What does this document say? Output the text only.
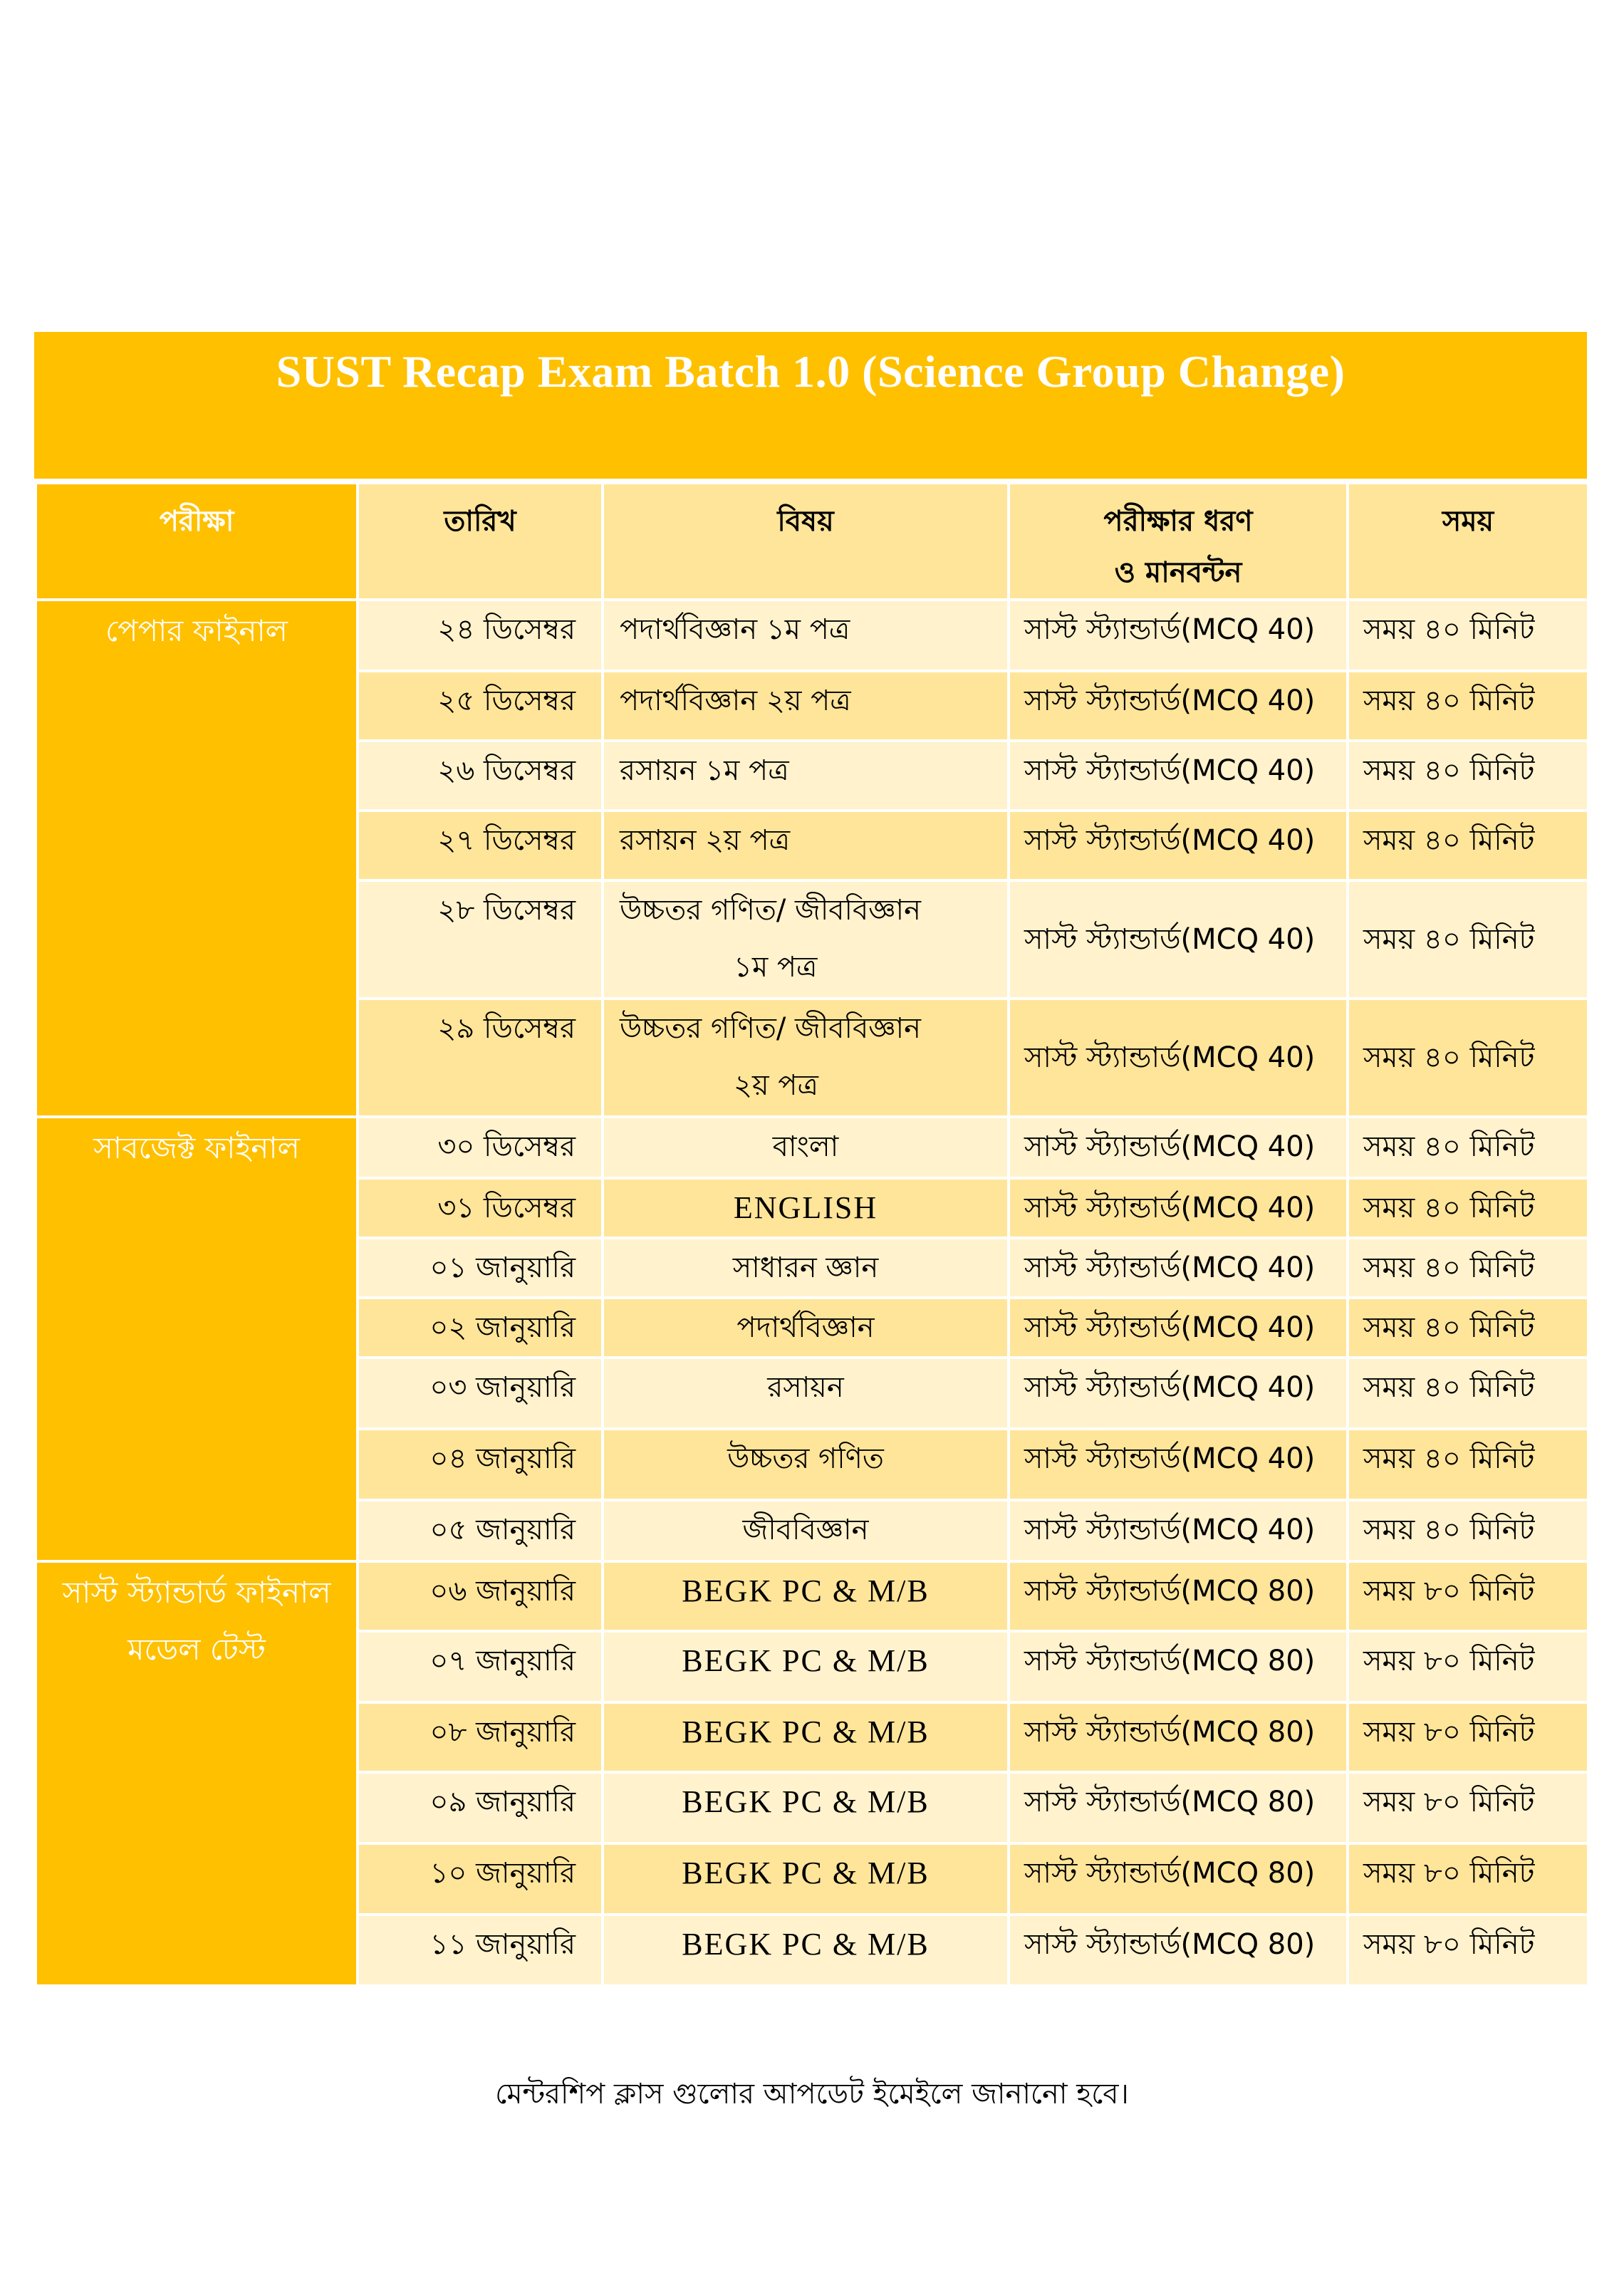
SUST Recap Exam Batch 1.0 (Science Group Change)
পরীক্ষা	তারিখ	বিষয়	পরীক্ষার ধরণ
ও মানবন্টন	সময়
পেপার ফাইনাল	২৪ ডিসেম্বর	পদার্থবিজ্ঞান ১ম পত্র	সাস্ট স্ট্যান্ডার্ড(MCQ 40)	সময় ৪০ মিনিট
	২৫ ডিসেম্বর	পদার্থবিজ্ঞান ২য় পত্র	সাস্ট স্ট্যান্ডার্ড(MCQ 40)	সময় ৪০ মিনিট
	২৬ ডিসেম্বর	রসায়ন ১ম পত্র	সাস্ট স্ট্যান্ডার্ড(MCQ 40)	সময় ৪০ মিনিট
	২৭ ডিসেম্বর	রসায়ন ২য় পত্র	সাস্ট স্ট্যান্ডার্ড(MCQ 40)	সময় ৪০ মিনিট
	২৮ ডিসেম্বর	উচ্চতর গণিত/ জীববিজ্ঞান
১ম পত্র	সাস্ট স্ট্যান্ডার্ড(MCQ 40)	সময় ৪০ মিনিট
	২৯ ডিসেম্বর	উচ্চতর গণিত/ জীববিজ্ঞান
২য় পত্র	সাস্ট স্ট্যান্ডার্ড(MCQ 40)	সময় ৪০ মিনিট
সাবজেক্ট ফাইনাল	৩০ ডিসেম্বর	বাংলা	সাস্ট স্ট্যান্ডার্ড(MCQ 40)	সময় ৪০ মিনিট
	৩১ ডিসেম্বর	ENGLISH	সাস্ট স্ট্যান্ডার্ড(MCQ 40)	সময় ৪০ মিনিট
	০১ জানুয়ারি	সাধারন জ্ঞান	সাস্ট স্ট্যান্ডার্ড(MCQ 40)	সময় ৪০ মিনিট
	০২ জানুয়ারি	পদার্থবিজ্ঞান	সাস্ট স্ট্যান্ডার্ড(MCQ 40)	সময় ৪০ মিনিট
	০৩ জানুয়ারি	রসায়ন	সাস্ট স্ট্যান্ডার্ড(MCQ 40)	সময় ৪০ মিনিট
	০৪ জানুয়ারি	উচ্চতর গণিত	সাস্ট স্ট্যান্ডার্ড(MCQ 40)	সময় ৪০ মিনিট
	০৫ জানুয়ারি	জীববিজ্ঞান	সাস্ট স্ট্যান্ডার্ড(MCQ 40)	সময় ৪০ মিনিট
সাস্ট স্ট্যান্ডার্ড ফাইনাল
মডেল টেস্ট	০৬ জানুয়ারি	BEGK PC & M/B	সাস্ট স্ট্যান্ডার্ড(MCQ 80)	সময় ৮০ মিনিট
	০৭ জানুয়ারি	BEGK PC & M/B	সাস্ট স্ট্যান্ডার্ড(MCQ 80)	সময় ৮০ মিনিট
	০৮ জানুয়ারি	BEGK PC & M/B	সাস্ট স্ট্যান্ডার্ড(MCQ 80)	সময় ৮০ মিনিট
	০৯ জানুয়ারি	BEGK PC & M/B	সাস্ট স্ট্যান্ডার্ড(MCQ 80)	সময় ৮০ মিনিট
	১০ জানুয়ারি	BEGK PC & M/B	সাস্ট স্ট্যান্ডার্ড(MCQ 80)	সময় ৮০ মিনিট
	১১ জানুয়ারি	BEGK PC & M/B	সাস্ট স্ট্যান্ডার্ড(MCQ 80)	সময় ৮০ মিনিট
মেন্টরশিপ ক্লাস গুলোর আপডেট ইমেইলে জানানো হবে।
